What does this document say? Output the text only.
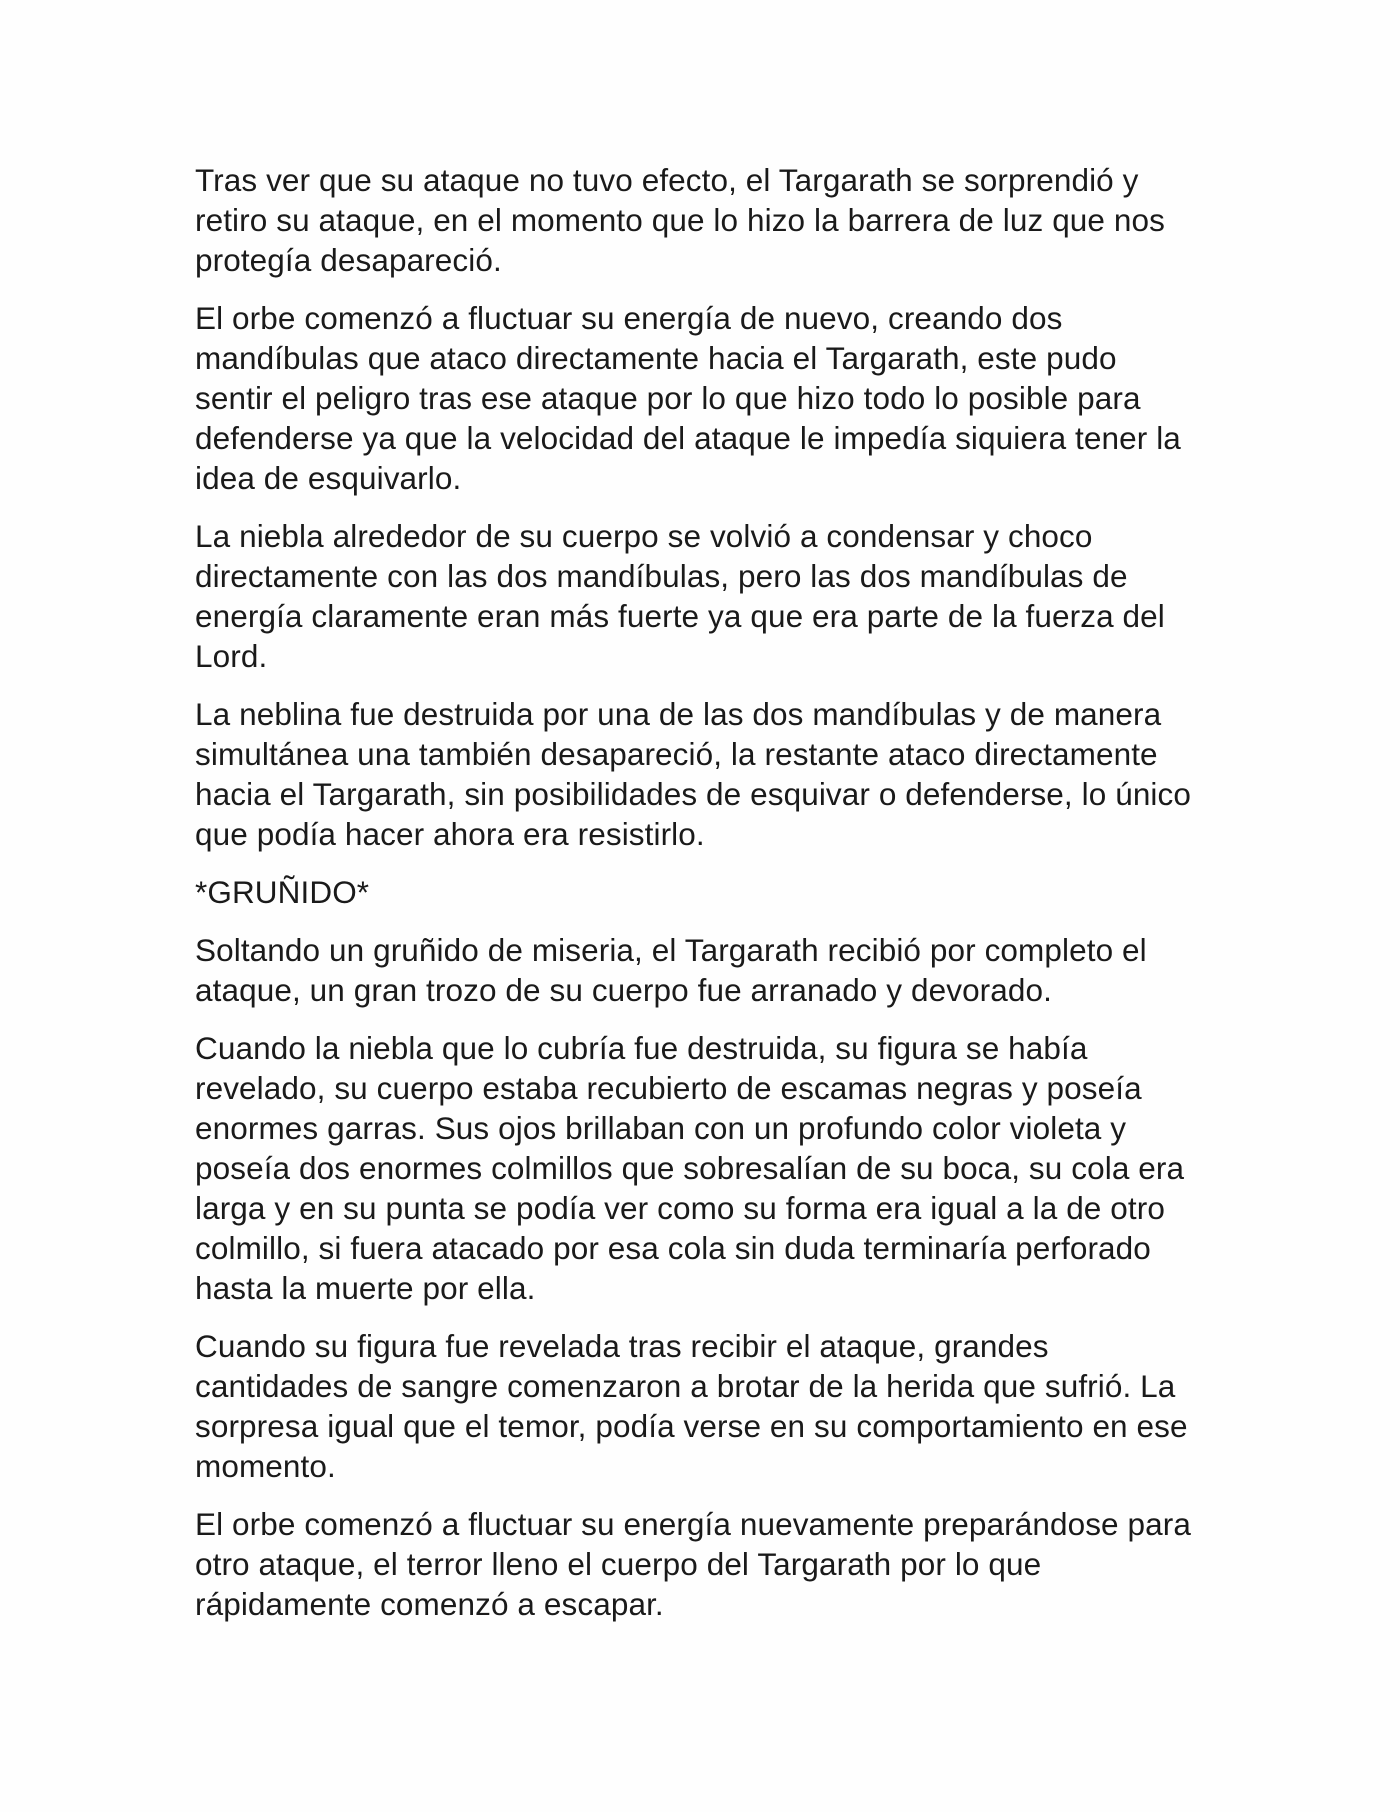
Tras ver que su ataque no tuvo efecto, el Targarath se sorprendió y
retiro su ataque, en el momento que lo hizo la barrera de luz que nos
protegía desapareció.

El orbe comenzó a fluctuar su energía de nuevo, creando dos
mandíbulas que ataco directamente hacia el Targarath, este pudo
sentir el peligro tras ese ataque por lo que hizo todo lo posible para
defenderse ya que la velocidad del ataque le impedía siquiera tener la
idea de esquivarlo.

La niebla alrededor de su cuerpo se volvió a condensar y choco
directamente con las dos mandíbulas, pero las dos mandíbulas de
energía claramente eran más fuerte ya que era parte de la fuerza del
Lord.

La neblina fue destruida por una de las dos mandíbulas y de manera
simultánea una también desapareció, la restante ataco directamente
hacia el Targarath, sin posibilidades de esquivar o defenderse, lo único
que podía hacer ahora era resistirlo.

*GRUÑIDO*

Soltando un gruñido de miseria, el Targarath recibió por completo el
ataque, un gran trozo de su cuerpo fue arranado y devorado.

Cuando la niebla que lo cubría fue destruida, su figura se había
revelado, su cuerpo estaba recubierto de escamas negras y poseía
enormes garras. Sus ojos brillaban con un profundo color violeta y
poseía dos enormes colmillos que sobresalían de su boca, su cola era
larga y en su punta se podía ver como su forma era igual a la de otro
colmillo, si fuera atacado por esa cola sin duda terminaría perforado
hasta la muerte por ella.

Cuando su figura fue revelada tras recibir el ataque, grandes
cantidades de sangre comenzaron a brotar de la herida que sufrió. La
sorpresa igual que el temor, podía verse en su comportamiento en ese
momento.

El orbe comenzó a fluctuar su energía nuevamente preparándose para
otro ataque, el terror lleno el cuerpo del Targarath por lo que
rápidamente comenzó a escapar.
